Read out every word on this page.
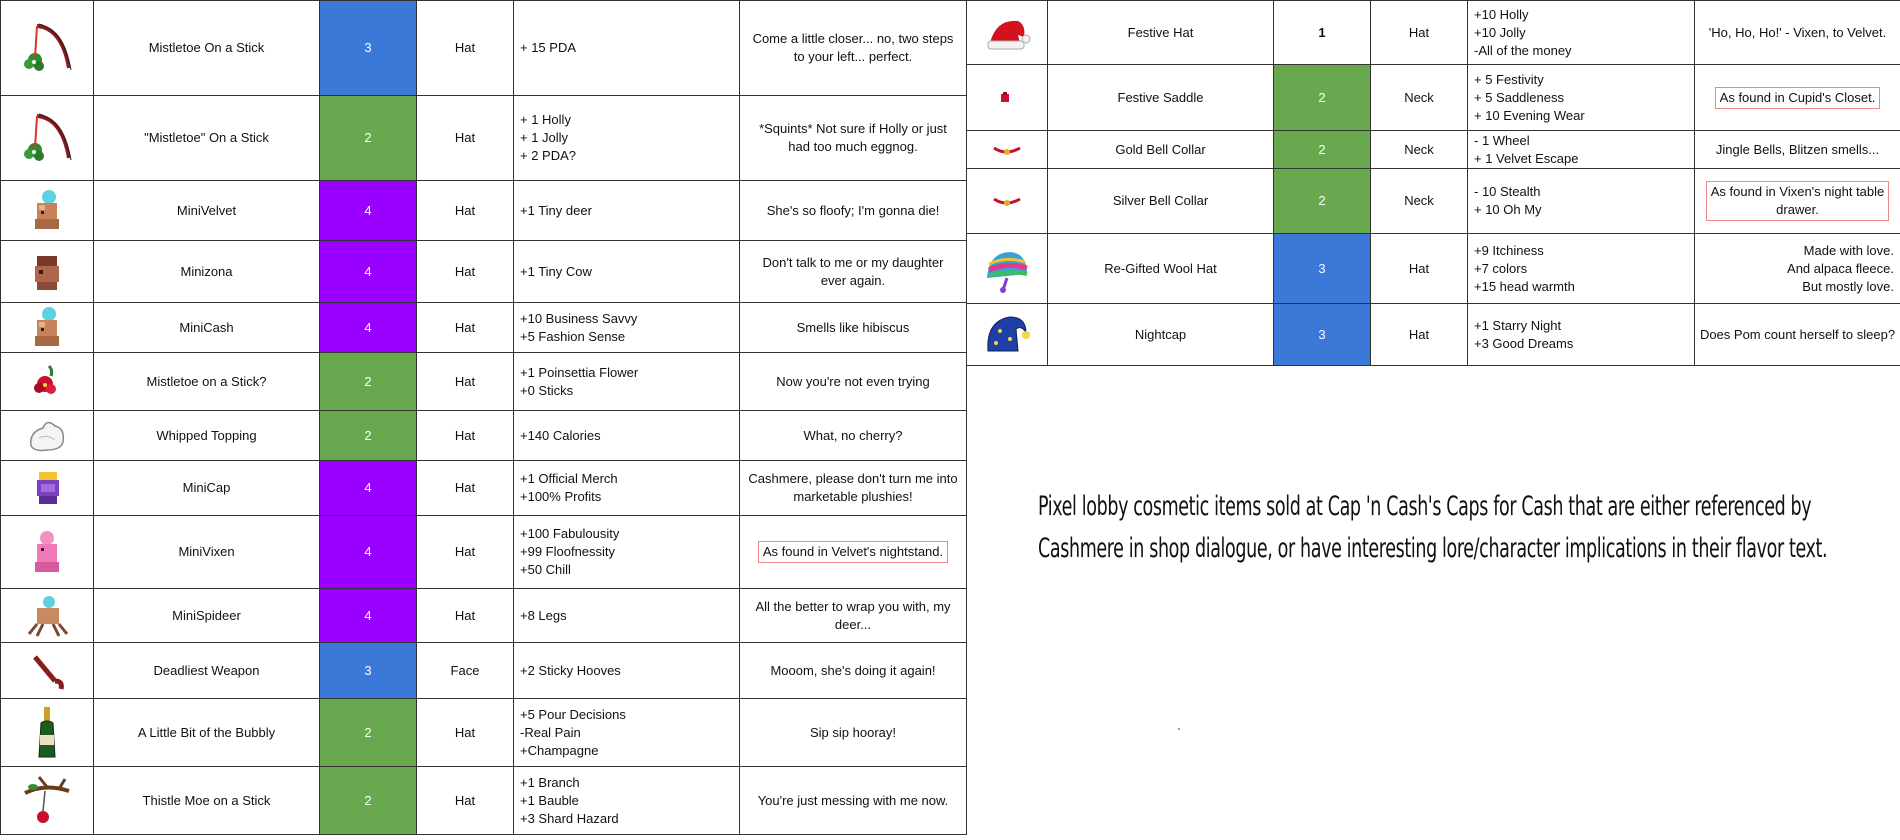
	Mistletoe On a Stick	3	Hat	+ 15 PDA	Come a little closer... no, two steps
to your left... perfect.
	"Mistletoe" On a Stick	2	Hat	+ 1 Holly
+ 1 Jolly
+ 2 PDA?	*Squints* Not sure if Holly or just
had too much eggnog.
	MiniVelvet	4	Hat	+1 Tiny deer	She's so floofy; I'm gonna die!
	Minizona	4	Hat	+1 Tiny Cow	Don't talk to me or my daughter
ever again.
	MiniCash	4	Hat	+10 Business Savvy
+5 Fashion Sense	Smells like hibiscus
	Mistletoe on a Stick?	2	Hat	+1 Poinsettia Flower
+0 Sticks	Now you're not even trying
	Whipped Topping	2	Hat	+140 Calories	What, no cherry?
	MiniCap	4	Hat	+1 Official Merch
+100% Profits	Cashmere, please don't turn me into
marketable plushies!
	MiniVixen	4	Hat	+100 Fabulousity
+99 Floofnessity
+50 Chill	As found in Velvet's nightstand.
	MiniSpideer	4	Hat	+8 Legs	All the better to wrap you with, my
deer...
	Deadliest Weapon	3	Face	+2 Sticky Hooves	Mooom, she's doing it again!
	A Little Bit of the Bubbly	2	Hat	+5 Pour Decisions
-Real Pain
+Champagne	Sip sip hooray!
	Thistle Moe on a Stick	2	Hat	+1 Branch
+1 Bauble
+3 Shard Hazard	You're just messing with me now.
	Festive Hat	1	Hat	+10 Holly
+10 Jolly
-All of the money	'Ho, Ho, Ho!' - Vixen, to Velvet.
	Festive Saddle	2	Neck	+ 5 Festivity
+ 5 Saddleness
+ 10 Evening Wear	As found in Cupid's Closet.
	Gold Bell Collar	2	Neck	- 1 Wheel
+ 1 Velvet Escape	Jingle Bells, Blitzen smells...
	Silver Bell Collar	2	Neck	- 10 Stealth
+ 10 Oh My	As found in Vixen's night table
drawer.
	Re-Gifted Wool Hat	3	Hat	+9 Itchiness
+7 colors
+15 head warmth	Made with love.
And alpaca fleece.
But mostly love.
	Nightcap	3	Hat	+1 Starry Night
+3 Good Dreams	Does Pom count herself to sleep?
Pixel lobby cosmetic items sold at Cap 'n Cash's Caps for Cash that are either referenced by Cashmere in shop dialogue, or have interesting lore/character implications in their flavor text.
`
